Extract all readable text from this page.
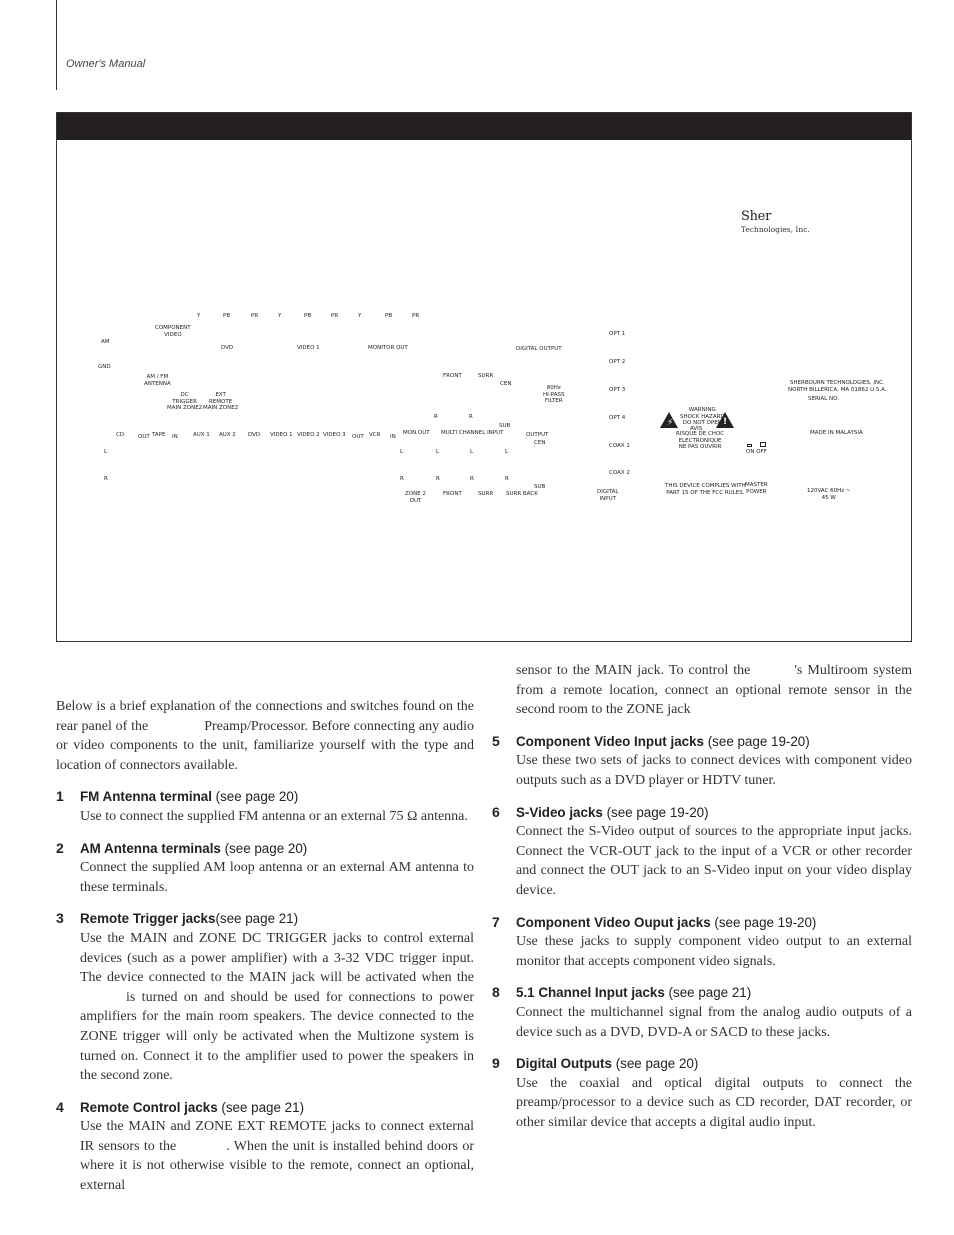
Owner's Manual
Y	PB	PR	Y	PB	PR	Y	PB	PR
COMPONENT
VIDEO
AM
DVD	VIDEO 1	MONITOR OUT	DIGITAL OUTPUT
OPT 1
OPT 2
OPT 3
OPT 4
COAX 1
COAX 2
GND
AM / FM
ANTENNA
FRONT	SURR
CEN
80Hz
HI-PASS
FILTER
DC
TRIGGER
MAIN ZONE2
EXT
REMOTE
MAIN ZONE2
SHERBOURN TECHNOLOGIES, INC.
NORTH BILLERICA, MA 01862 U.S.A.
SERIAL NO.
R	R
SUB
WARNING
SHOCK HAZARD
DO NOT OPEN
AVIS
RISQUE DE CHOC
ELECTRONIQUE
NE PAS OUVRIR
MADE IN MALAYSIA
CD	OUT TAPE IN	AUX 1 AUX 2 DVD VIDEO 1 VIDEO 2 VIDEO 3 OUT VCR IN
MON OUT MULTI CHANNEL INPUT	OUTPUT
CEN
L	L	L	L	L	ON OFF
R	R	R	R	R
SUB	THIS DEVICE COMPLIES WITH
PART 15 OF THE FCC RULES.
MASTER
POWER	120VAC 60Hz ~
45 W
ZONE 2
OUT
FRONT	SURR SURR BACK	DIGITAL
INPUT
Sher
Technologies, Inc.
⚡	!

Below is a brief explanation of the connections and switches found on the rear panel of the	Preamp/Processor. Before connecting any audio or video components to the unit, familiarize yourself with the type and location of connectors available.

1 FM Antenna terminal (see page 20)

Use to connect the supplied FM antenna or an external 75 Ω antenna.

2 AM Antenna terminals (see page 20)

Connect the supplied AM loop antenna or an external AM antenna to these terminals.

3 Remote Trigger jacks(see page 21)

Use the MAIN and ZONE DC TRIGGER jacks to control external devices (such as a power amplifier) with a 3-32 VDC trigger input. The device connected to the MAIN jack will be activated when theis turned on and should be used for connections to power amplifiers for the main room speakers. The device connected to the ZONE trigger will only be activated when the Multizone system is turned on. Connect it to the amplifier used to power the speakers in the second zone.

4 Remote Control jacks (see page 21)

Use the MAIN and ZONE EXT REMOTE jacks to connect external IR sensors to the	. When the unit is installed behind doors or where it is not otherwise visible to the remote, connect an optional, external

sensor to the MAIN jack. To control the	's Multiroom system from a remote location, connect an optional remote sensor in the second room to the ZONE jack

5 Component Video Input jacks (see page 19-20)

Use these two sets of jacks to connect devices with component video outputs such as a DVD player or HDTV tuner.

6 S-Video jacks (see page 19-20)

Connect the S-Video output of sources to the appropriate input jacks. Connect the VCR-OUT jack to the input of a VCR or other recorder and connect the OUT jack to an S-Video input on your video display device.

7 Component Video Ouput jacks (see page 19-20)

Use these jacks to supply component video output to an external monitor that accepts component video signals.

8 5.1 Channel Input jacks (see page 21)

Connect the multichannel signal from the analog audio outputs of a device such as a DVD, DVD-A or SACD to these jacks.

9 Digital Outputs (see page 20)

Use the coaxial and optical digital outputs to connect the preamp/processor to a device such as CD recorder, DAT recorder, or other similar device that accepts a digital audio input.
